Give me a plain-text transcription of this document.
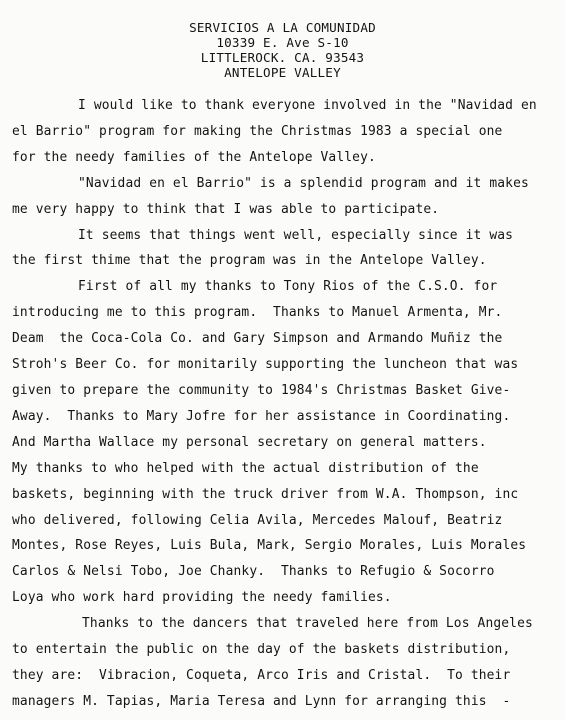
SERVICIOS A LA COMUNIDAD
10339 E. Ave S-10
LITTLEROCK. CA. 93543
ANTELOPE VALLEY
I would like to thank everyone involved in the "Navidad en
el Barrio" program for making the Christmas 1983 a special one
for the needy families of the Antelope Valley.
"Navidad en el Barrio" is a splendid program and it makes
me very happy to think that I was able to participate.
It seems that things went well, especially since it was
the first thime that the program was in the Antelope Valley.
First of all my thanks to Tony Rios of the C.S.O. for
introducing me to this program.  Thanks to Manuel Armenta, Mr.
Deam  the Coca-Cola Co. and Gary Simpson and Armando Muñiz the
Stroh's Beer Co. for monitarily supporting the luncheon that was
given to prepare the community to 1984's Christmas Basket Give-
Away.  Thanks to Mary Jofre for her assistance in Coordinating.
And Martha Wallace my personal secretary on general matters.
My thanks to who helped with the actual distribution of the
baskets, beginning with the truck driver from W.A. Thompson, inc
who delivered, following Celia Avila, Mercedes Malouf, Beatriz
Montes, Rose Reyes, Luis Bula, Mark, Sergio Morales, Luis Morales
Carlos & Nelsi Tobo, Joe Chanky.  Thanks to Refugio & Socorro
Loya who work hard providing the needy families.
Thanks to the dancers that traveled here from Los Angeles
to entertain the public on the day of the baskets distribution,
they are:  Vibracion, Coqueta, Arco Iris and Cristal.  To their
managers M. Tapias, Maria Teresa and Lynn for arranging this  -
